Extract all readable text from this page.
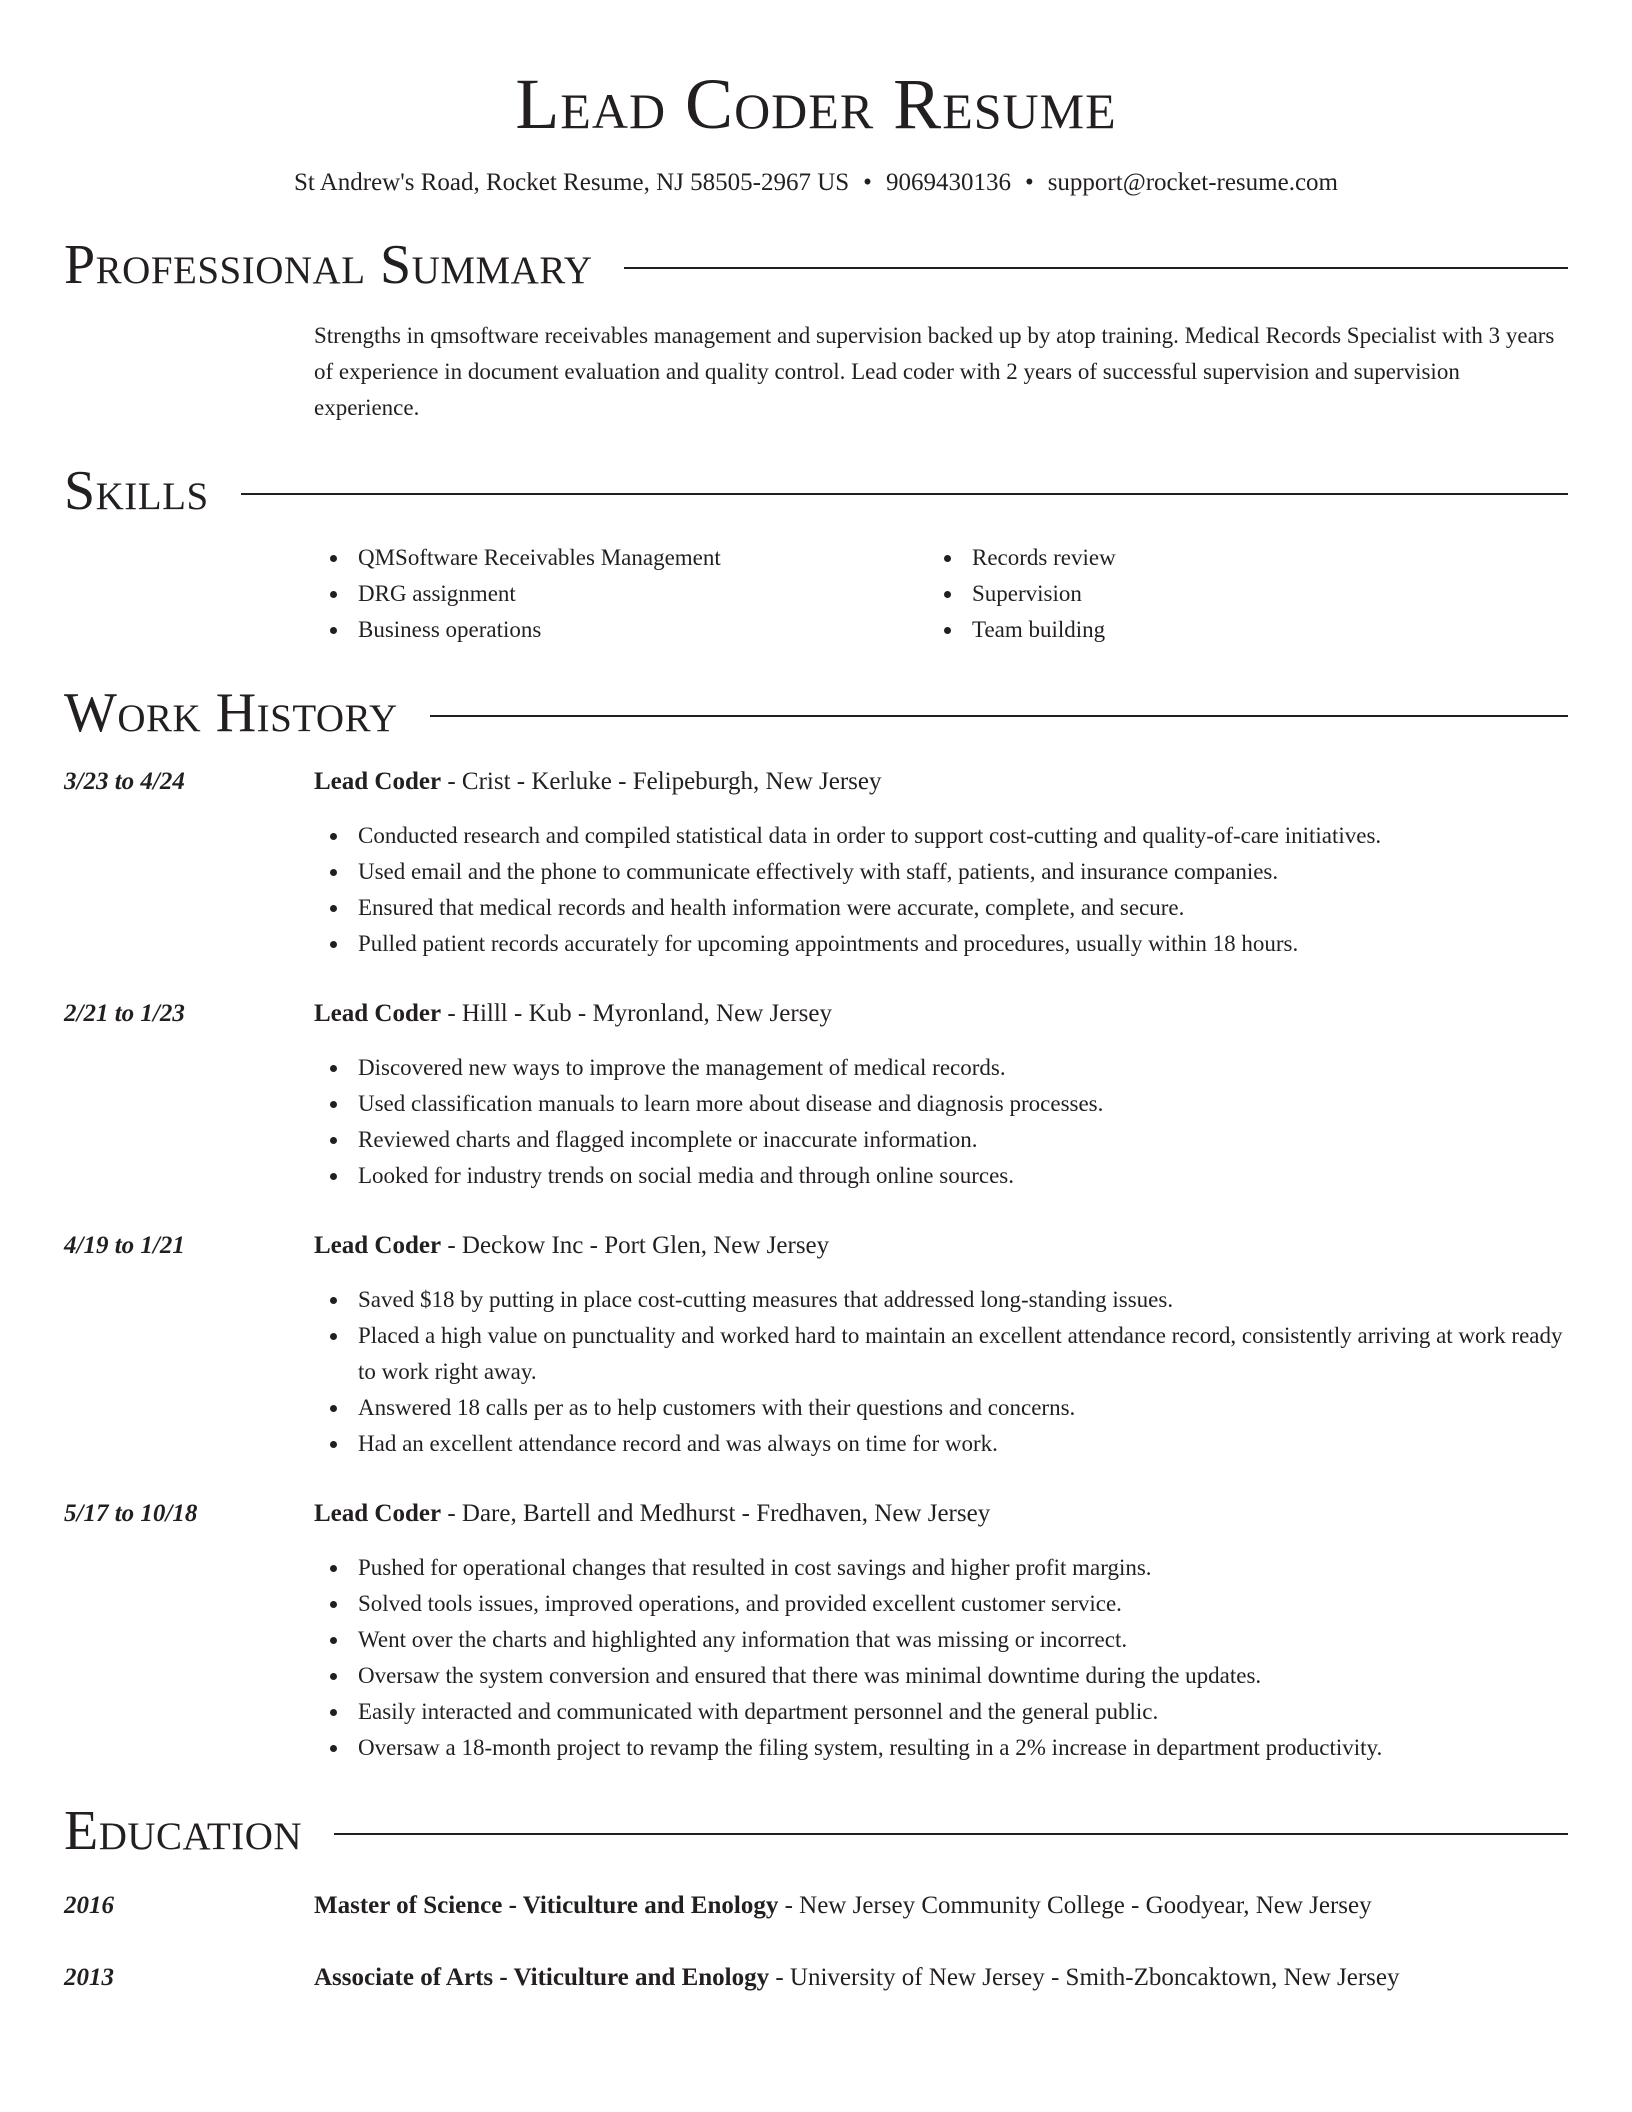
Lead Coder Resume
St Andrew's Road, Rocket Resume, NJ 58505-2967 US • 9069430136 • support@rocket-resume.com
Professional Summary

Strengths in qmsoftware receivables management and supervision backed up by atop training. Medical Records Specialist with 3 years of experience in document evaluation and quality control. Lead coder with 2 years of successful supervision and supervision experience.

Skills
QMSoftware Receivables Management
DRG assignment
Business operations
Records review
Supervision
Team building
Work History
3/23 to 4/24	Lead Coder - Crist - Kerluke - Felipeburgh, New Jersey
Conducted research and compiled statistical data in order to support cost-cutting and quality-of-care initiatives.
Used email and the phone to communicate effectively with staff, patients, and insurance companies.
Ensured that medical records and health information were accurate, complete, and secure.
Pulled patient records accurately for upcoming appointments and procedures, usually within 18 hours.
2/21 to 1/23	Lead Coder - Hilll - Kub - Myronland, New Jersey
Discovered new ways to improve the management of medical records.
Used classification manuals to learn more about disease and diagnosis processes.
Reviewed charts and flagged incomplete or inaccurate information.
Looked for industry trends on social media and through online sources.
4/19 to 1/21	Lead Coder - Deckow Inc - Port Glen, New Jersey
Saved $18 by putting in place cost-cutting measures that addressed long-standing issues.
Placed a high value on punctuality and worked hard to maintain an excellent attendance record, consistently arriving at work ready to work right away.
Answered 18 calls per as to help customers with their questions and concerns.
Had an excellent attendance record and was always on time for work.
5/17 to 10/18	Lead Coder - Dare, Bartell and Medhurst - Fredhaven, New Jersey
Pushed for operational changes that resulted in cost savings and higher profit margins.
Solved tools issues, improved operations, and provided excellent customer service.
Went over the charts and highlighted any information that was missing or incorrect.
Oversaw the system conversion and ensured that there was minimal downtime during the updates.
Easily interacted and communicated with department personnel and the general public.
Oversaw a 18-month project to revamp the filing system, resulting in a 2% increase in department productivity.
Education
2016	Master of Science - Viticulture and Enology - New Jersey Community College - Goodyear, New Jersey
2013	Associate of Arts - Viticulture and Enology - University of New Jersey - Smith-Zboncaktown, New Jersey
